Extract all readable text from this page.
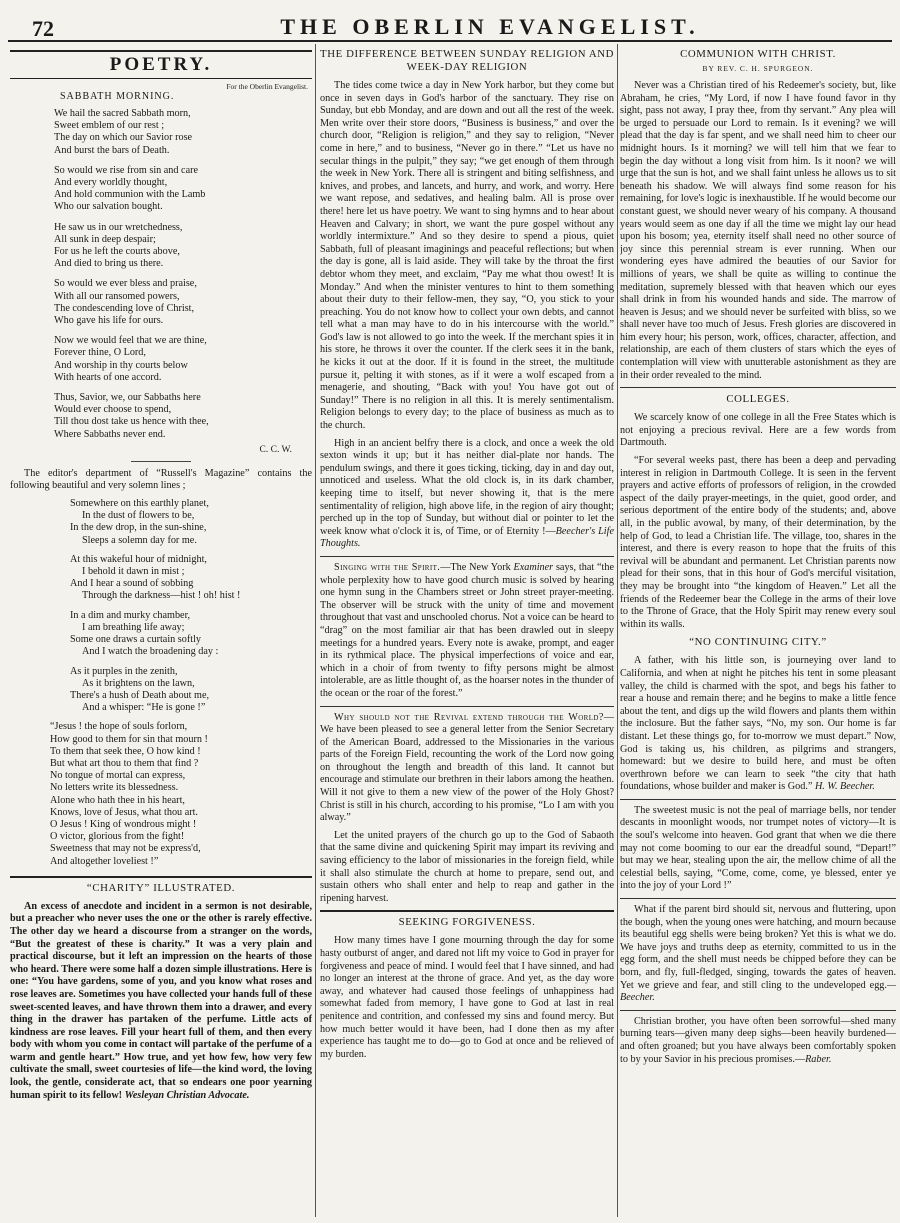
72	THE OBERLIN EVANGELIST.
POETRY.
For the Oberlin Evangelist.
SABBATH MORNING.
We hail the sacred Sabbath morn,
Sweet emblem of our rest ;
The day on which our Savior rose
And burst the bars of Death.
So would we rise from sin and care
And every worldly thought,
And hold communion with the Lamb
Who our salvation bought.
He saw us in our wretchedness,
All sunk in deep despair;
For us he left the courts above,
And died to bring us there.
So would we ever bless and praise,
With all our ransomed powers,
The condescending love of Christ,
Who gave his life for ours.
Now we would feel that we are thine,
Forever thine, O Lord,
And worship in thy courts below
With hearts of one accord.
Thus, Savior, we, our Sabbaths here
Would ever choose to spend,
Till thou dost take us hence with thee,
Where Sabbaths never end.
C. C. W.

The editor's department of “Russell's Magazine” contains the following beautiful and very solemn lines ;

Somewhere on this earthly planet,
In the dust of flowers to be,
In the dew drop, in the sun-shine,
Sleeps a solemn day for me.
At this wakeful hour of midnight,
I behold it dawn in mist ;
And I hear a sound of sobbing
Through the darkness—hist ! oh! hist !
In a dim and murky chamber,
I am breathing life away;
Some one draws a curtain softly
And I watch the broadening day :
As it purples in the zenith,
As it brightens on the lawn,
There's a hush of Death about me,
And a whisper: “He is gone !”
“Jesus ! the hope of souls forlorn,
How good to them for sin that mourn !
To them that seek thee, O how kind !
But what art thou to them that find ?
No tongue of mortal can express,
No letters write its blessedness.
Alone who hath thee in his heart,
Knows, love of Jesus, what thou art.
O Jesus ! King of wondrous might !
O victor, glorious from the fight!
Sweetness that may not be express'd,
And altogether loveliest !”
“CHARITY” ILLUSTRATED.

An excess of anecdote and incident in a sermon is not desirable, but a preacher who never uses the one or the other is rarely effective. The other day we heard a discourse from a stranger on the words, “But the greatest of these is charity.” It was a very plain and practical discourse, but it left an impression on the hearts of those who heard. There were some half a dozen simple illustrations. Here is one: “You have gardens, some of you, and you know what roses and rose leaves are. Sometimes you have collected your hands full of these sweet-scented leaves, and have thrown them into a drawer, and every thing in the drawer has partaken of the perfume. Little acts of kindness are rose leaves. Fill your heart full of them, and then every body with whom you come in contact will partake of the perfume of a warm and gentle heart.” How true, and yet how few, how very few cultivate the small, sweet courtesies of life—the kind word, the loving look, the gentle, considerate act, that so endears one poor yearning human spirit to its fellow! Wesleyan Christian Advocate.

THE DIFFERENCE BETWEEN SUNDAY RELIGION AND WEEK-DAY RELIGION

The tides come twice a day in New York harbor, but they come but once in seven days in God's harbor of the sanctuary. They rise on Sunday, but ebb Monday, and are down and out all the rest of the week. Men write over their store doors, “Business is business,” and over the church door, “Religion is religion,” and they say to religion, “Never come in here,” and to business, “Never go in there.” “Let us have no secular things in the pulpit,” they say; “we get enough of them through the week in New York. There all is stringent and biting selfishness, and knives, and probes, and lancets, and hurry, and work, and worry. Here we want repose, and sedatives, and healing balm. All is prose over there! here let us have poetry. We want to sing hymns and to hear about Heaven and Calvary; in short, we want the pure gospel without any worldly intermixture.” And so they desire to spend a pious, quiet Sabbath, full of pleasant imaginings and peaceful reflections; but when the day is gone, all is laid aside. They will take by the throat the first debtor whom they meet, and exclaim, “Pay me what thou owest! It is Monday.” And when the minister ventures to hint to them something about their duty to their fellow-men, they say, “O, you stick to your preaching. You do not know how to collect your own debts, and cannot tell what a man may have to do in his intercourse with the world.” God's law is not allowed to go into the week. If the merchant spies it in his store, he throws it over the counter. If the clerk sees it in the bank, he kicks it out at the door. If it is found in the street, the multitude pursue it, pelting it with stones, as if it were a wolf escaped from a menagerie, and shouting, “Back with you! You have got out of Sunday!” There is no religion in all this. It is merely sentimentalism. Religion belongs to every day; to the place of business as much as to the church.

High in an ancient belfry there is a clock, and once a week the old sexton winds it up; but it has neither dial-plate nor hands. The pendulum swings, and there it goes ticking, ticking, day in and day out, unnoticed and useless. What the old clock is, in its dark chamber, keeping time to itself, but never showing it, that is the mere sentimentality of religion, high above life, in the region of airy thought; perched up in the top of Sunday, but without dial or pointer to let the week know what o'clock it is, of Time, or of Eternity !—Beecher's Life Thoughts.

Singing with the Spirit.—The New York Examiner says, that “the whole perplexity how to have good church music is solved by hearing one hymn sung in the Chambers street or John street prayer-meeting. The observer will be struck with the unity of time and movement throughout that vast and unschooled chorus. Not a voice can be heard to “drag” on the most familiar air that has been drawled out in sleepy meetings for a hundred years. Every note is awake, prompt, and eager in its rythmical place. The physical imperfections of voice and ear, which in a choir of from twenty to fifty persons might be almost intolerable, are as little thought of, as the hoarser notes in the thunder of the ocean or the roar of the forest.”

Why should not the Revival extend through the World?—We have been pleased to see a general letter from the Senior Secretary of the American Board, addressed to the Missionaries in the various parts of the Foreign Field, recounting the work of the Lord now going on throughout the length and breadth of this land. It cannot but encourage and stimulate our brethren in their labors among the heathen. Will it not give to them a new view of the power of the Holy Ghost? Christ is still in his church, according to his promise, “Lo I am with you alway.”

Let the united prayers of the church go up to the God of Sabaoth that the same divine and quickening Spirit may impart its reviving and saving efficiency to the labor of missionaries in the foreign field, while it shall also stimulate the church at home to prepare, send out, and sustain others who shall enter and help to reap and gather in the ripening harvest.

SEEKING FORGIVENESS.

How many times have I gone mourning through the day for some hasty outburst of anger, and dared not lift my voice to God in prayer for forgiveness and peace of mind. I would feel that I have sinned, and had no longer an interest at the throne of grace. And yet, as the day wore away, and whatever had caused those feelings of unhappiness had somewhat faded from memory, I have gone to God at last in real penitence and contrition, and confessed my sins and found mercy. But how much better would it have been, had I done then as my after experience has taught me to do—go to God at once and be relieved of my burden.

COMMUNION WITH CHRIST.
BY REV. C. H. SPURGEON.

Never was a Christian tired of his Redeemer's society, but, like Abraham, he cries, “My Lord, if now I have found favor in thy sight, pass not away, I pray thee, from thy servant.” Any plea will be urged to persuade our Lord to remain. Is it evening? we will plead that the day is far spent, and we shall need him to cheer our midnight hours. Is it morning? we will tell him that we fear to begin the day without a long visit from him. Is it noon? we will urge that the sun is hot, and we shall faint unless he allows us to sit beneath his shadow. We will always find some reason for his remaining, for love's logic is inexhaustible. If he would become our constant guest, we should never weary of his company. A thousand years would seem as one day if all the time we might lay our head upon his bosom; yea, eternity itself shall need no other source of joy since this perennial stream is ever running. When our wondering eyes have admired the beauties of our Savior for millions of years, we shall be quite as willing to continue the meditation, supremely blessed with that heaven which our eyes shall drink in from his wounded hands and side. The marrow of heaven is Jesus; and we should never be surfeited with bliss, so we shall never have too much of Jesus. Fresh glories are discovered in him every hour; his person, work, offices, character, affection, and relationship, are each of them clusters of stars which the eyes of contemplation will view with unutterable astonishment as they are in their order revealed to the mind.

COLLEGES.

We scarcely know of one college in all the Free States which is not enjoying a precious revival. Here are a few words from Dartmouth.

“For several weeks past, there has been a deep and pervading interest in religion in Dartmouth College. It is seen in the fervent prayers and active efforts of professors of religion, in the crowded aspect of the daily prayer-meetings, in the quiet, good order, and serious deportment of the entire body of the students; and, above all, in the public avowal, by many, of their determination, by the help of God, to lead a Christian life. The village, too, shares in the interest, and there is every reason to hope that the fruits of this revival will be abundant and permanent. Let Christian parents now plead for their sons, that in this hour of God's merciful visitation, they may be brought into “the kingdom of Heaven.” Let all the friends of the Redeemer bear the College in the arms of their love to the Throne of Grace, that the Holy Spirit may renew every soul within its walls.

“NO CONTINUING CITY.”

A father, with his little son, is journeying over land to California, and when at night he pitches his tent in some pleasant valley, the child is charmed with the spot, and begs his father to rear a house and remain there; and he begins to make a little fence about the tent, and digs up the wild flowers and plants them within the inclosure. But the father says, “No, my son. Our home is far distant. Let these things go, for to-morrow we must depart.” Now, God is taking us, his children, as pilgrims and strangers, homeward: but we desire to build here, and must be often overthrown before we can learn to seek “the city that hath foundations, whose builder and maker is God.” H. W. Beecher.

The sweetest music is not the peal of marriage bells, nor tender descants in moonlight woods, nor trumpet notes of victory—It is the soul's welcome into heaven. God grant that when we die there may not come booming to our ear the dreadful sound, “Depart!” but may we hear, stealing upon the air, the mellow chime of all the celestial bells, saying, “Come, come, come, ye blessed, enter ye into the joy of your Lord !”

What if the parent bird should sit, nervous and fluttering, upon the bough, when the young ones were hatching, and mourn because its beautiful egg shells were being broken? Yet this is what we do. We have joys and truths deep as eternity, committed to us in the egg form, and the shell must needs be chipped before they can be born, and fly, full-fledged, singing, towards the gates of heaven. Yet we grieve and fear, and still cling to the undeveloped egg.—Beecher.

Christian brother, you have often been sorrowful—shed many burning tears—given many deep sighs—been heavily burdened—and often groaned; but you have always been comfortably spoken to by your Savior in his precious promises.—Raber.
